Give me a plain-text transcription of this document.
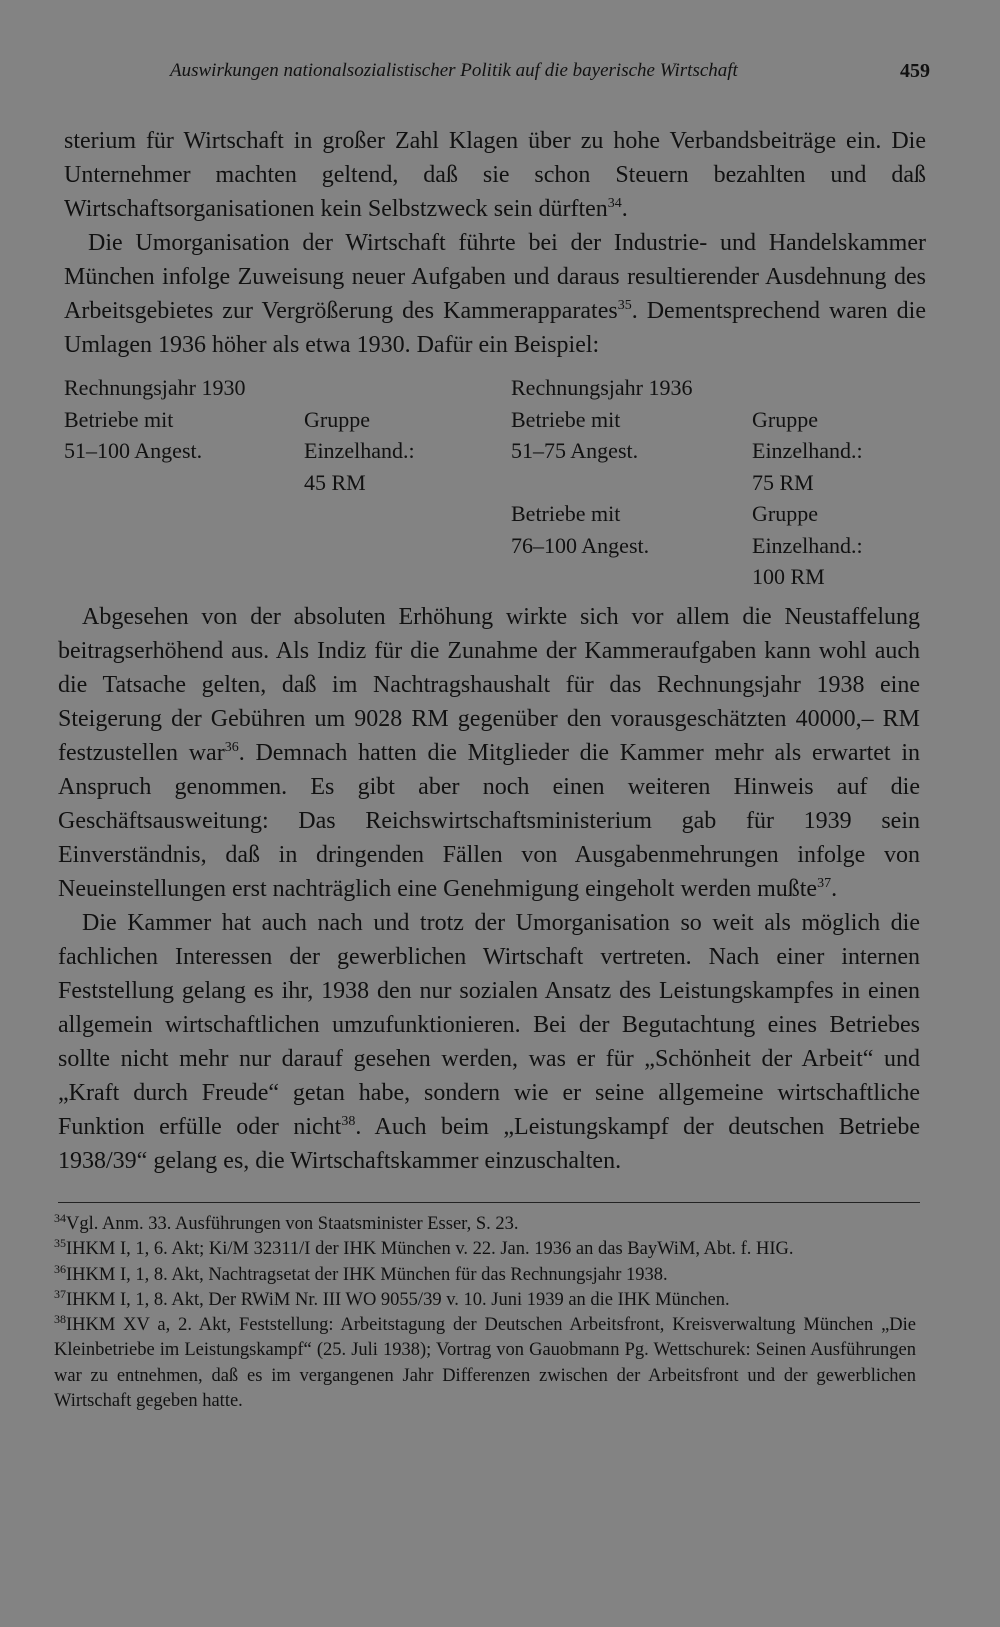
Auswirkungen nationalsozialistischer Politik auf die bayerische Wirtschaft	459

sterium für Wirtschaft in großer Zahl Klagen über zu hohe Verbandsbeiträge ein. Die Unternehmer machten geltend, daß sie schon Steuern bezahlten und daß Wirtschaftsorganisationen kein Selbstzweck sein dürften$^{34}$.

Die Umorganisation der Wirtschaft führte bei der Industrie- und Handelskammer München infolge Zuweisung neuer Aufgaben und daraus resultierender Ausdehnung des Arbeitsgebietes zur Vergrößerung des Kammerapparates$^{35}$. Dementsprechend waren die Umlagen 1936 höher als etwa 1930. Dafür ein Beispiel:

Rechnungsjahr 1930
Betriebe mit
51–100 Angest.
Gruppe
Einzelhand.:
45 RM
Rechnungsjahr 1936
Betriebe mit
51–75 Angest.
Betriebe mit
76–100 Angest.
Gruppe
Einzelhand.:
75 RM
Gruppe
Einzelhand.:
100 RM

Abgesehen von der absoluten Erhöhung wirkte sich vor allem die Neustaffelung beitragserhöhend aus. Als Indiz für die Zunahme der Kammeraufgaben kann wohl auch die Tatsache gelten, daß im Nachtragshaushalt für das Rechnungsjahr 1938 eine Steigerung der Gebühren um 9028 RM gegenüber den vorausgeschätzten 40000,– RM festzustellen war$^{36}$. Demnach hatten die Mitglieder die Kammer mehr als erwartet in Anspruch genommen. Es gibt aber noch einen weiteren Hinweis auf die Geschäftsausweitung: Das Reichswirtschaftsministerium gab für 1939 sein Einverständnis, daß in dringenden Fällen von Ausgabenmehrungen infolge von Neueinstellungen erst nachträglich eine Genehmigung eingeholt werden mußte$^{37}$.

Die Kammer hat auch nach und trotz der Umorganisation so weit als möglich die fachlichen Interessen der gewerblichen Wirtschaft vertreten. Nach einer internen Feststellung gelang es ihr, 1938 den nur sozialen Ansatz des Leistungskampfes in einen allgemein wirtschaftlichen umzufunktionieren. Bei der Begutachtung eines Betriebes sollte nicht mehr nur darauf gesehen werden, was er für „Schönheit der Arbeit“ und „Kraft durch Freude“ getan habe, sondern wie er seine allgemeine wirtschaftliche Funktion erfülle oder nicht$^{38}$. Auch beim „Leistungskampf der deutschen Betriebe 1938/39“ gelang es, die Wirtschaftskammer einzuschalten.

$^{34}$Vgl. Anm. 33. Ausführungen von Staatsminister Esser, S. 23.

$^{35}$IHKM I, 1, 6. Akt; Ki/M 32311/I der IHK München v. 22. Jan. 1936 an das BayWiM, Abt. f. HIG.

$^{36}$IHKM I, 1, 8. Akt, Nachtragsetat der IHK München für das Rechnungsjahr 1938.

$^{37}$IHKM I, 1, 8. Akt, Der RWiM Nr. III WO 9055/39 v. 10. Juni 1939 an die IHK München.

$^{38}$IHKM XV a, 2. Akt, Feststellung: Arbeitstagung der Deutschen Arbeitsfront, Kreisverwaltung München „Die Kleinbetriebe im Leistungskampf“ (25. Juli 1938); Vortrag von Gauobmann Pg. Wettschurek: Seinen Ausführungen war zu entnehmen, daß es im vergangenen Jahr Differenzen zwischen der Arbeitsfront und der gewerblichen Wirtschaft gegeben hatte.
